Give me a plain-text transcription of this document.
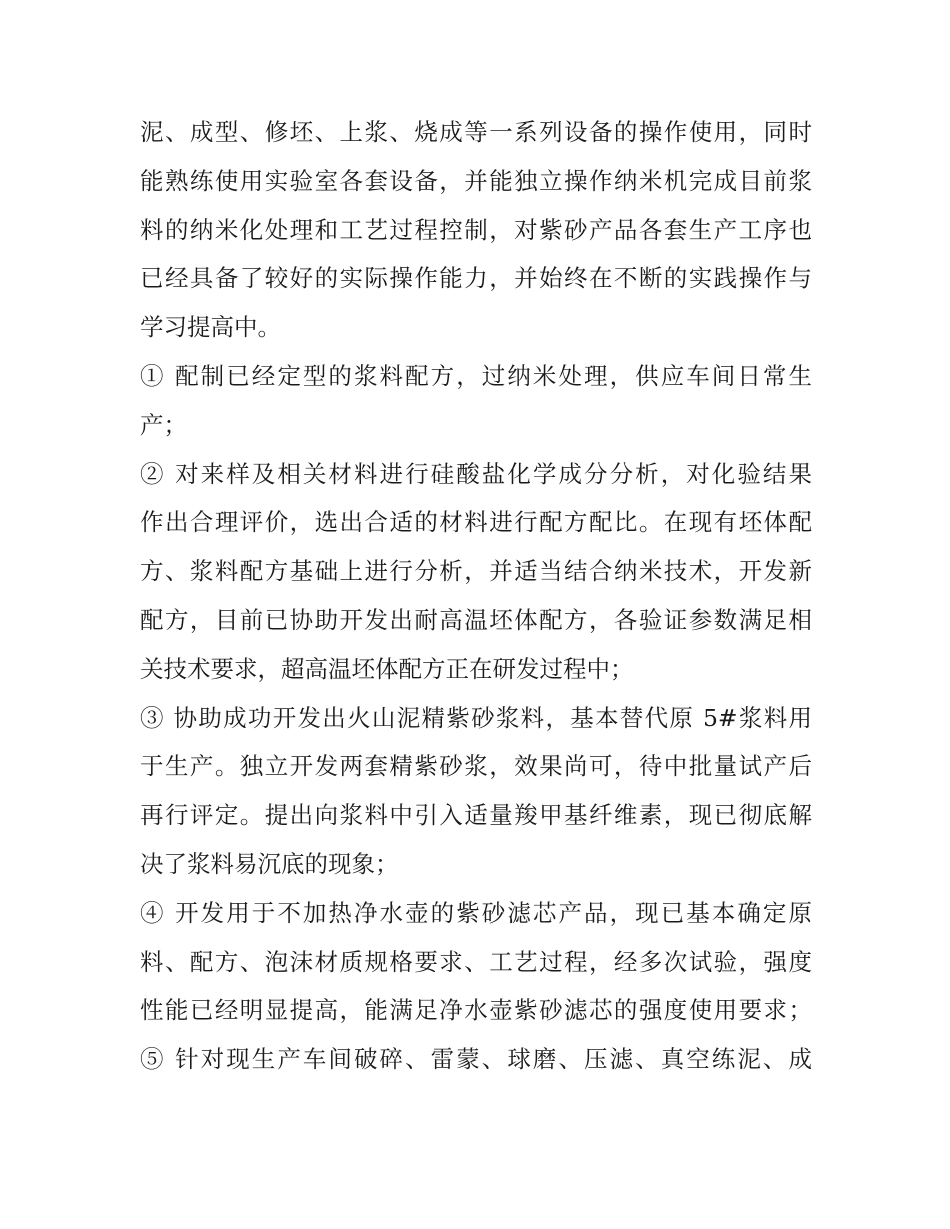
泥、成型、修坯、上浆、烧成等一系列设备的操作使用，同时
能熟练使用实验室各套设备，并能独立操作纳米机完成目前浆
料的纳米化处理和工艺过程控制，对紫砂产品各套生产工序也
已经具备了较好的实际操作能力，并始终在不断的实践操作与
学习提高中。
① 配制已经定型的浆料配方，过纳米处理，供应车间日常生
产；
② 对来样及相关材料进行硅酸盐化学成分分析，对化验结果
作出合理评价，选出合适的材料进行配方配比。在现有坯体配
方、浆料配方基础上进行分析，并适当结合纳米技术，开发新
配方，目前已协助开发出耐高温坯体配方，各验证参数满足相
关技术要求，超高温坯体配方正在研发过程中；
③ 协助成功开发出火山泥精紫砂浆料，基本替代原 5#浆料用
于生产。独立开发两套精紫砂浆，效果尚可，待中批量试产后
再行评定。提出向浆料中引入适量羧甲基纤维素，现已彻底解
决了浆料易沉底的现象；
④ 开发用于不加热净水壶的紫砂滤芯产品，现已基本确定原
料、配方、泡沫材质规格要求、工艺过程，经多次试验，强度
性能已经明显提高，能满足净水壶紫砂滤芯的强度使用要求；
⑤ 针对现生产车间破碎、雷蒙、球磨、压滤、真空练泥、成
